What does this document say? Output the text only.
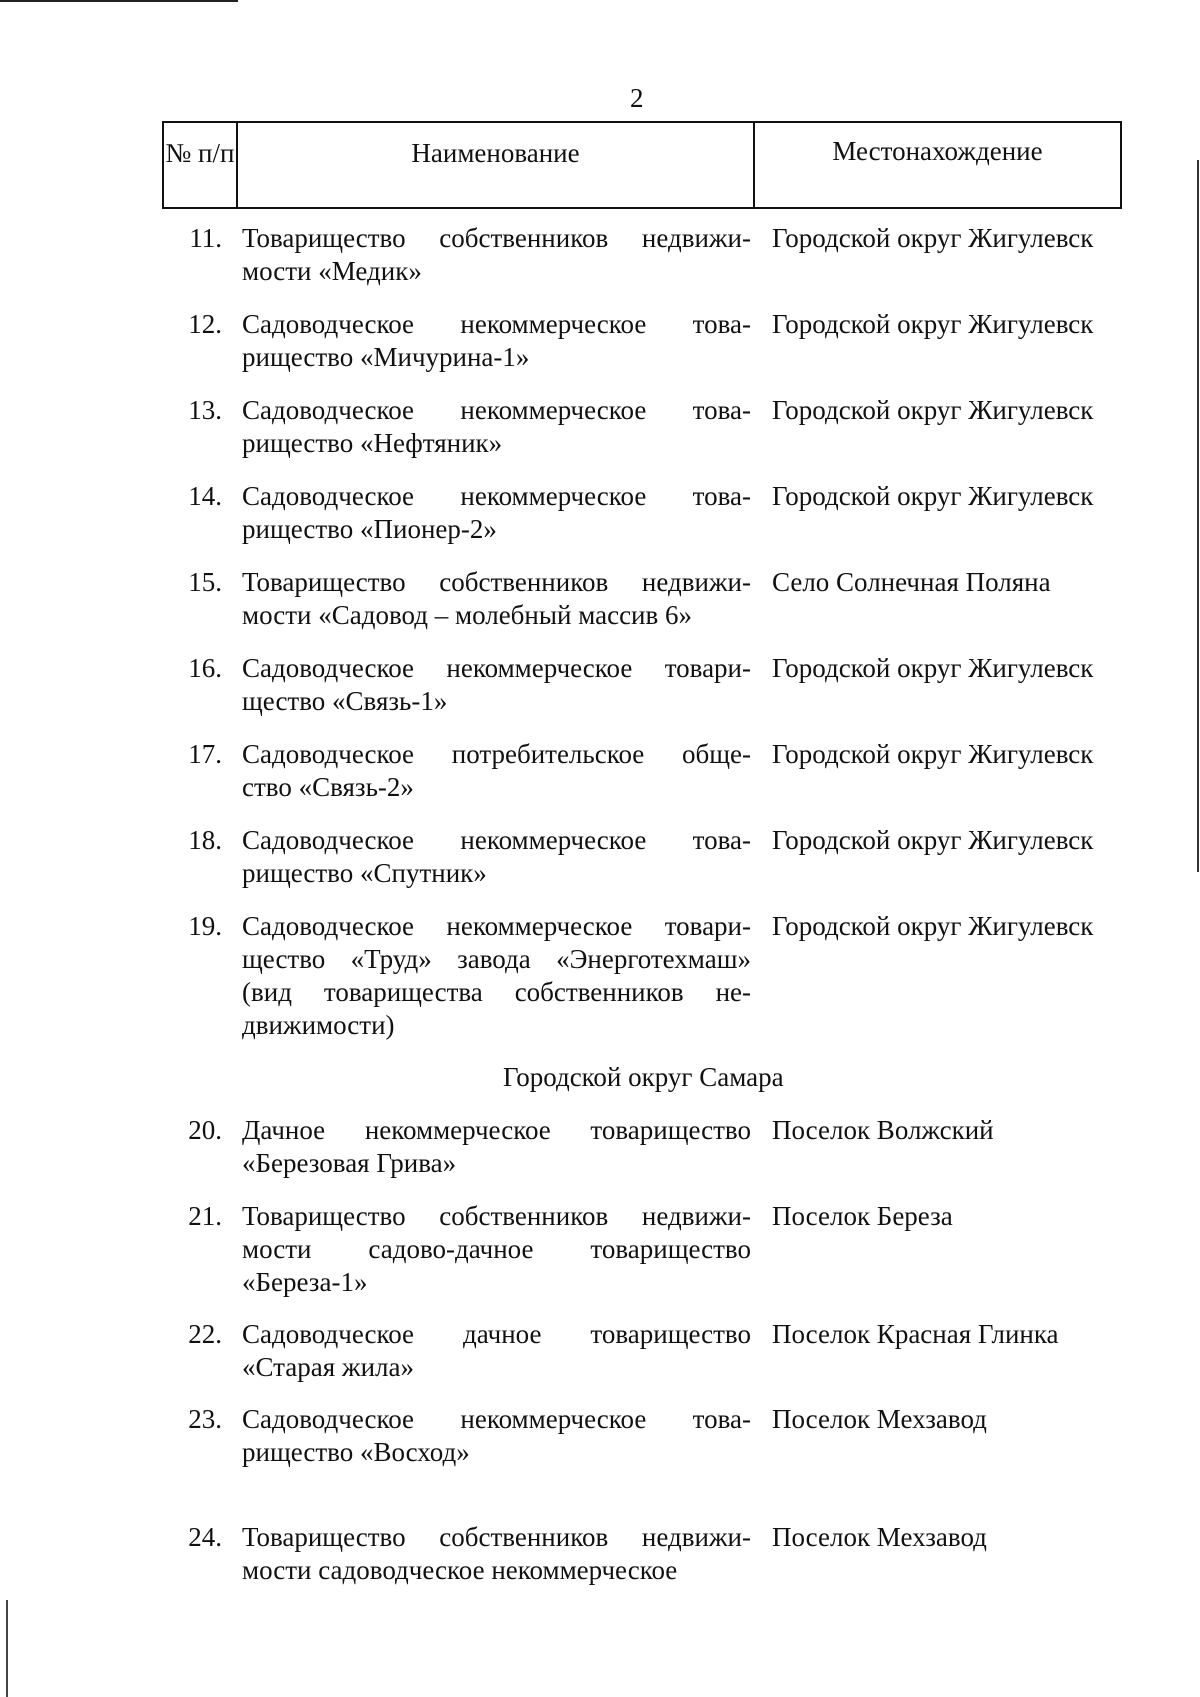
2
№ п/п	Наименование	Местонахождение
Городской округ Самара
11. Товарищество собственников недвижи-
мости «Медик»
Городской округ Жигулевск
12. Садоводческое некоммерческое това-
рищество «Мичурина-1»
Городской округ Жигулевск
13. Садоводческое некоммерческое това-
рищество «Нефтяник»
Городской округ Жигулевск
14. Садоводческое некоммерческое това-
рищество «Пионер-2»
Городской округ Жигулевск
15. Товарищество собственников недвижи-
мости «Садовод – молебный массив 6»
Село Солнечная Поляна
16. Садоводческое некоммерческое товари-
щество «Связь-1»
Городской округ Жигулевск
17. Садоводческое потребительское обще-
ство «Связь-2»
Городской округ Жигулевск
18. Садоводческое некоммерческое това-
рищество «Спутник»
Городской округ Жигулевск
19. Садоводческое некоммерческое товари-
щество «Труд» завода «Энерготехмаш»
(вид товарищества собственников не-
движимости)
Городской округ Жигулевск
20. Дачное некоммерческое товарищество
«Березовая Грива»
Поселок Волжский
21. Товарищество собственников недвижи-
мости садово-дачное товарищество
«Береза-1»
Поселок Береза
22. Садоводческое дачное товарищество
«Старая жила»
Поселок Красная Глинка
23. Садоводческое некоммерческое това-
рищество «Восход»
Поселок Мехзавод
24. Товарищество собственников недвижи-
мости садоводческое некоммерческое
Поселок Мехзавод
